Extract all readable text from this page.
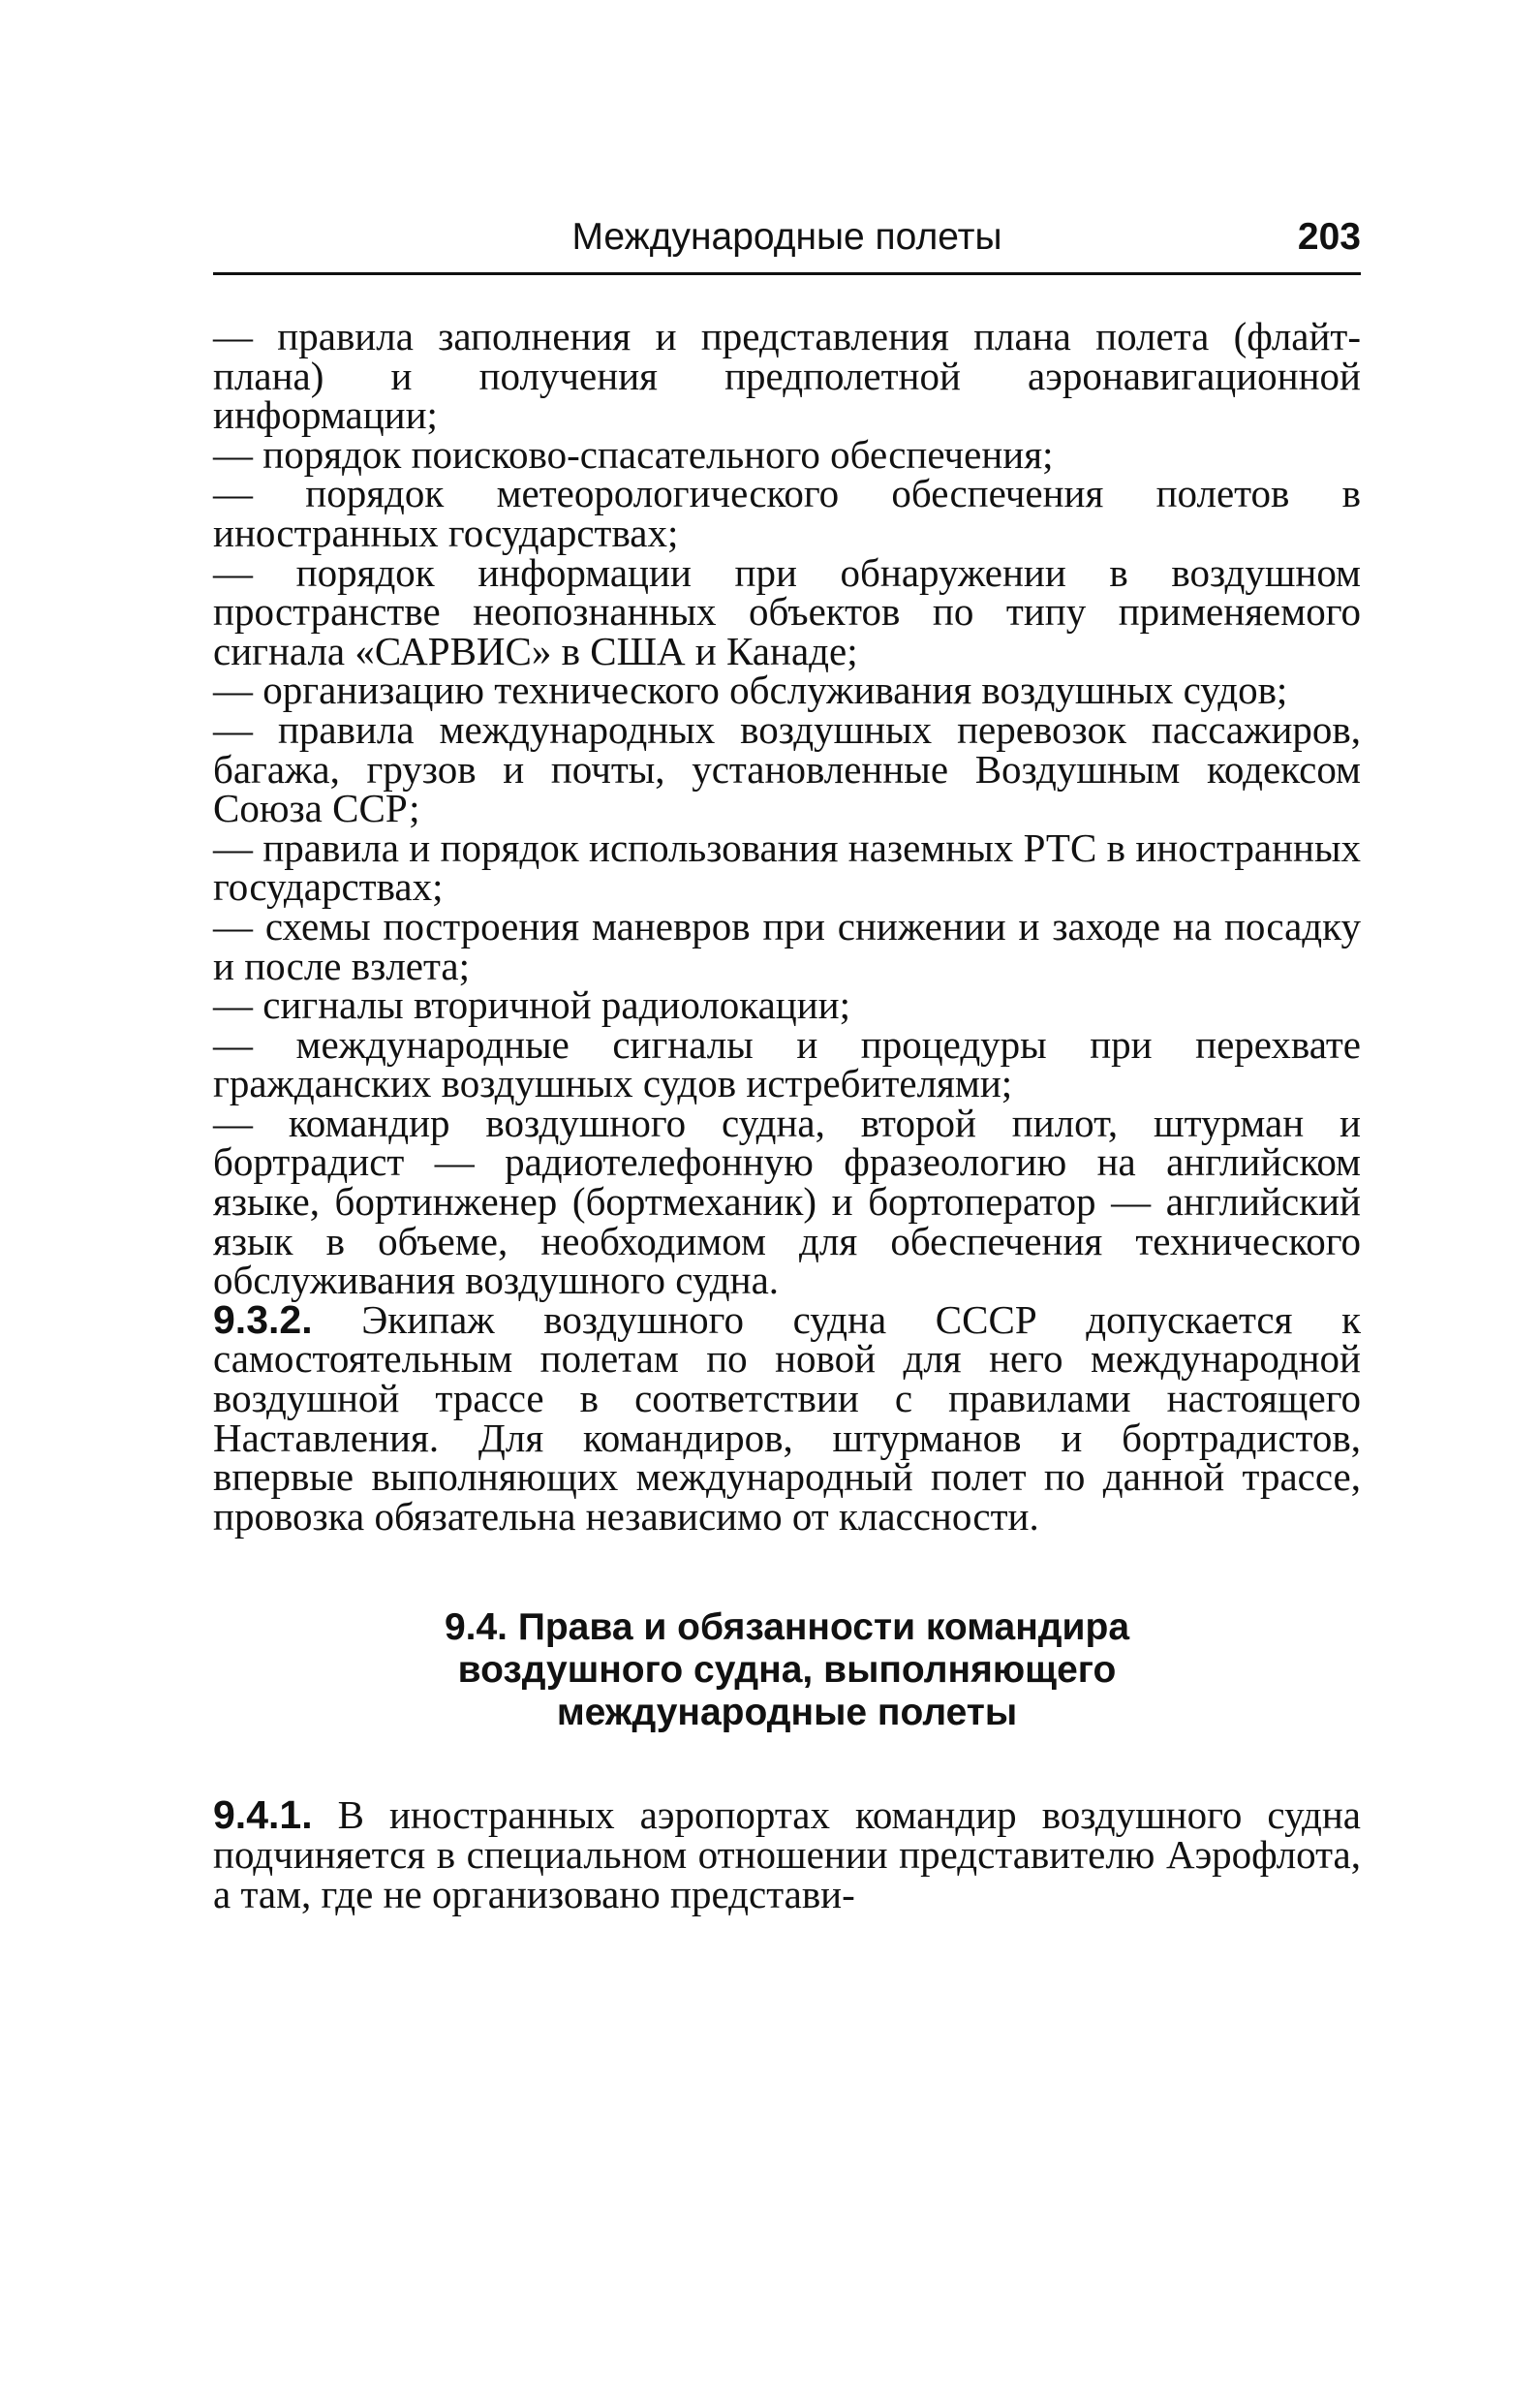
Международные полеты	203

— правила заполнения и представления плана полета (флайт-плана) и получения предполетной аэронавигационной информации;

— порядок поисково-спасательного обеспечения;

— порядок метеорологического обеспечения полетов в иностранных государствах;

— порядок информации при обнаружении в воздушном пространстве неопознанных объектов по типу применяемого сигнала «САРВИС» в США и Канаде;

— организацию технического обслуживания воздушных судов;

— правила международных воздушных перевозок пассажиров, багажа, грузов и почты, установленные Воздушным кодексом Союза ССР;

— правила и порядок использования наземных РТС в иностранных государствах;

— схемы построения маневров при снижении и заходе на посадку и после взлета;

— сигналы вторичной радиолокации;

— международные сигналы и процедуры при перехвате гражданских воздушных судов истребителями;

— командир воздушного судна, второй пилот, штурман и бортрадист — радиотелефонную фразеологию на английском языке, бортинженер (бортмеханик) и бортоператор — английский язык в объеме, необходимом для обеспечения технического обслуживания воздушного судна.

9.3.2. Экипаж воздушного судна СССР допускается к самостоятельным полетам по новой для него международной воздушной трассе в соответствии с правилами настоящего Наставления. Для командиров, штурманов и бортрадистов, впервые выполняющих международный полет по данной трассе, провозка обязательна независимо от классности.

9.4. Права и обязанности командира
воздушного судна, выполняющего
международные полеты

9.4.1. В иностранных аэропортах командир воздушного судна подчиняется в специальном отношении представителю Аэрофлота, а там, где не организовано представи-
